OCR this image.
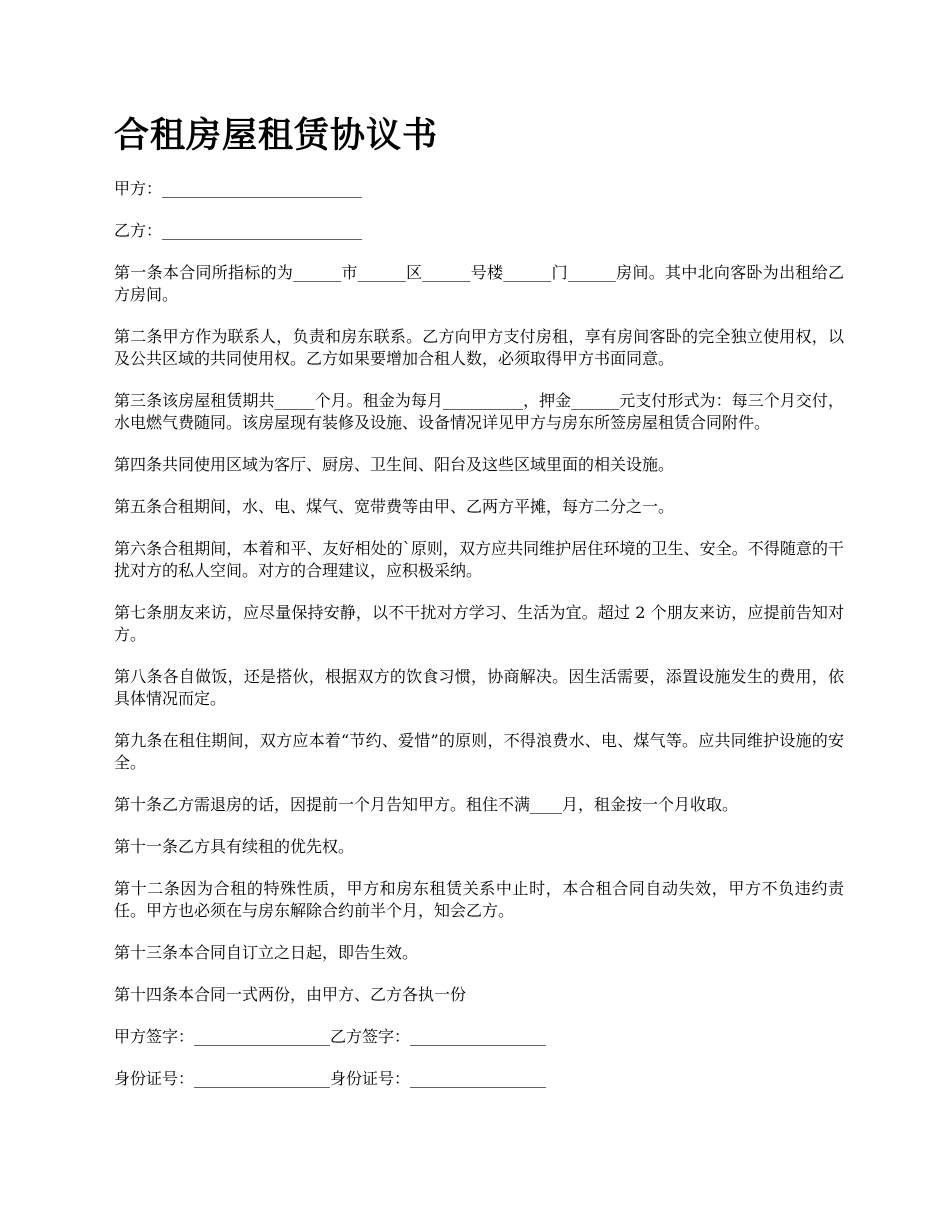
合租房屋租赁协议书

甲方：_________________________

乙方：_________________________

第一条本合同所指标的为______市______区______号楼______门______房间。其中北向客卧为出租给乙方房间。

第二条甲方作为联系人，负责和房东联系。乙方向甲方支付房租，享有房间客卧的完全独立使用权，以及公共区域的共同使用权。乙方如果要增加合租人数，必须取得甲方书面同意。

第三条该房屋租赁期共_____个月。租金为每月__________，押金______元支付形式为：每三个月交付，水电燃气费随同。该房屋现有装修及设施、设备情况详见甲方与房东所签房屋租赁合同附件。

第四条共同使用区域为客厅、厨房、卫生间、阳台及这些区域里面的相关设施。

第五条合租期间，水、电、煤气、宽带费等由甲、乙两方平摊，每方二分之一。

第六条合租期间，本着和平、友好相处的`原则，双方应共同维护居住环境的卫生、安全。不得随意的干扰对方的私人空间。对方的合理建议，应积极采纳。

第七条朋友来访，应尽量保持安静，以不干扰对方学习、生活为宜。超过 2 个朋友来访，应提前告知对方。

第八条各自做饭，还是搭伙，根据双方的饮食习惯，协商解决。因生活需要，添置设施发生的费用，依具体情况而定。

第九条在租住期间，双方应本着“节约、爱惜”的原则，不得浪费水、电、煤气等。应共同维护设施的安全。

第十条乙方需退房的话，因提前一个月告知甲方。租住不满____月，租金按一个月收取。

第十一条乙方具有续租的优先权。

第十二条因为合租的特殊性质，甲方和房东租赁关系中止时，本合租合同自动失效，甲方不负违约责任。甲方也必须在与房东解除合约前半个月，知会乙方。

第十三条本合同自订立之日起，即告生效。

第十四条本合同一式两份，由甲方、乙方各执一份

甲方签字：_________________乙方签字：_________________

身份证号：_________________身份证号：_________________
